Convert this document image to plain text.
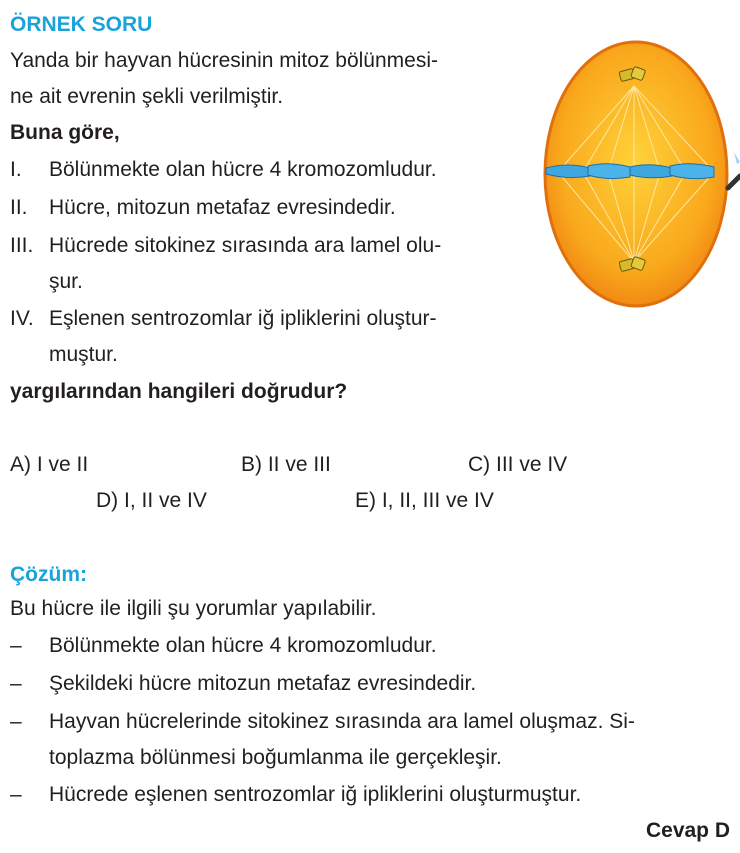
ÖRNEK SORU
Yanda bir hayvan hücresinin mitoz bölünmesi-
ne ait evrenin şekli verilmiştir.
Buna göre,
I. Bölünmekte olan hücre 4 kromozomludur.
II. Hücre, mitozun metafaz evresindedir.
III. Hücrede sitokinez sırasında ara lamel olu-
şur.
IV. Eşlenen sentrozomlar iğ ipliklerini oluştur-
muştur.
yargılarından hangileri doğrudur?
A) I ve II	B) II ve III	C) III ve IV
D) I, II ve IV	E) I, II, III ve IV
Çözüm:
Bu hücre ile ilgili şu yorumlar yapılabilir.
– Bölünmekte olan hücre 4 kromozomludur.
– Şekildeki hücre mitozun metafaz evresindedir.
– Hayvan hücrelerinde sitokinez sırasında ara lamel oluşmaz. Si-
toplazma bölünmesi boğumlanma ile gerçekleşir.
– Hücrede eşlenen sentrozomlar iğ ipliklerini oluşturmuştur.
Cevap D
